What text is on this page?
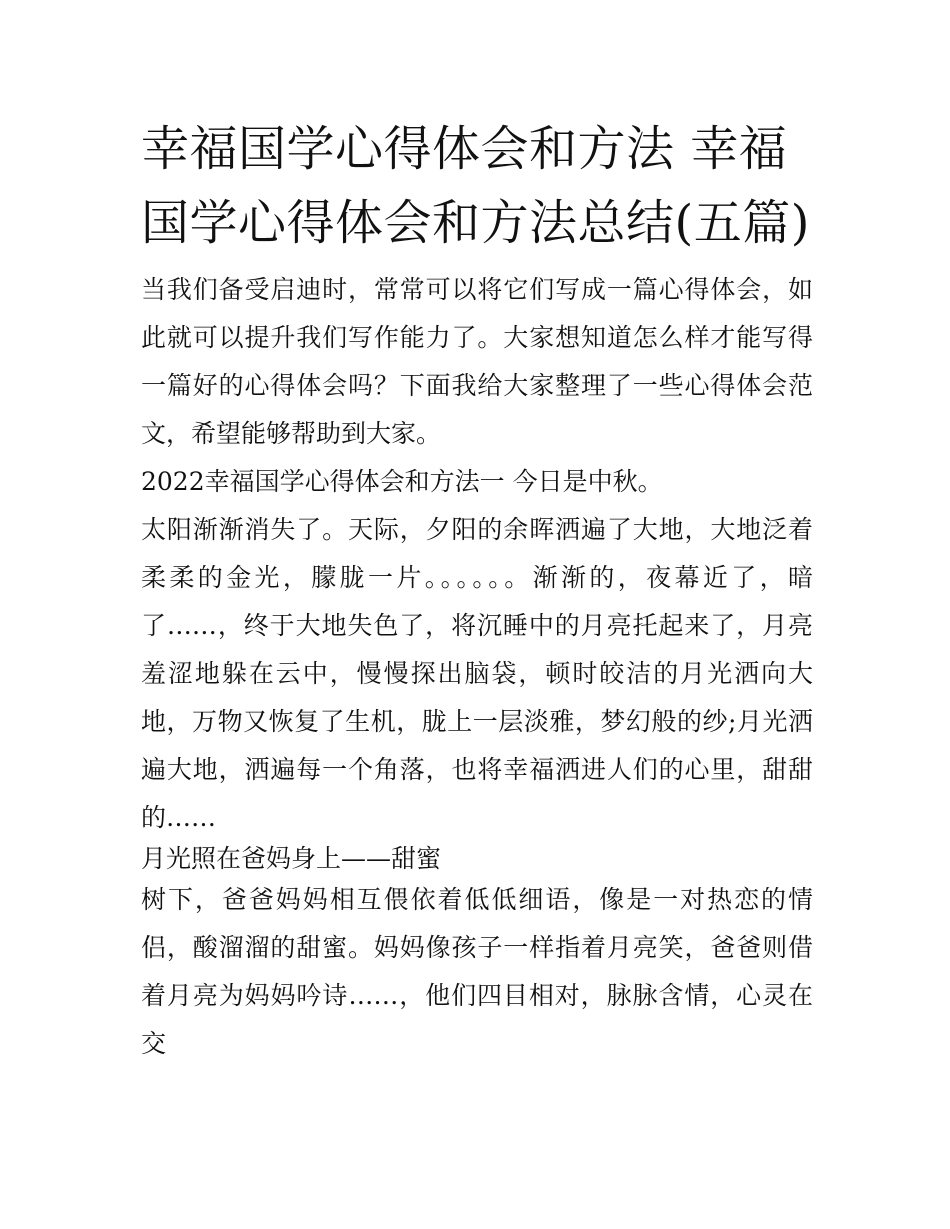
幸福国学心得体会和方法 幸福国学心得体会和方法总结(五篇)

当我们备受启迪时，常常可以将它们写成一篇心得体会，如此就可以提升我们写作能力了。大家想知道怎么样才能写得一篇好的心得体会吗？下面我给大家整理了一些心得体会范文，希望能够帮助到大家。

2022幸福国学心得体会和方法一 今日是中秋。

太阳渐渐消失了。天际，夕阳的余晖洒遍了大地，大地泛着柔柔的金光，朦胧一片。。。。。。渐渐的，夜幕近了，暗了……，终于大地失色了，将沉睡中的月亮托起来了，月亮羞涩地躲在云中，慢慢探出脑袋，顿时皎洁的月光洒向大地，万物又恢复了生机，胧上一层淡雅，梦幻般的纱;月光洒遍大地，洒遍每一个角落，也将幸福洒进人们的心里，甜甜的……

月光照在爸妈身上——甜蜜

树下，爸爸妈妈相互偎依着低低细语，像是一对热恋的情侣，酸溜溜的甜蜜。妈妈像孩子一样指着月亮笑，爸爸则借着月亮为妈妈吟诗……，他们四目相对，脉脉含情，心灵在交
